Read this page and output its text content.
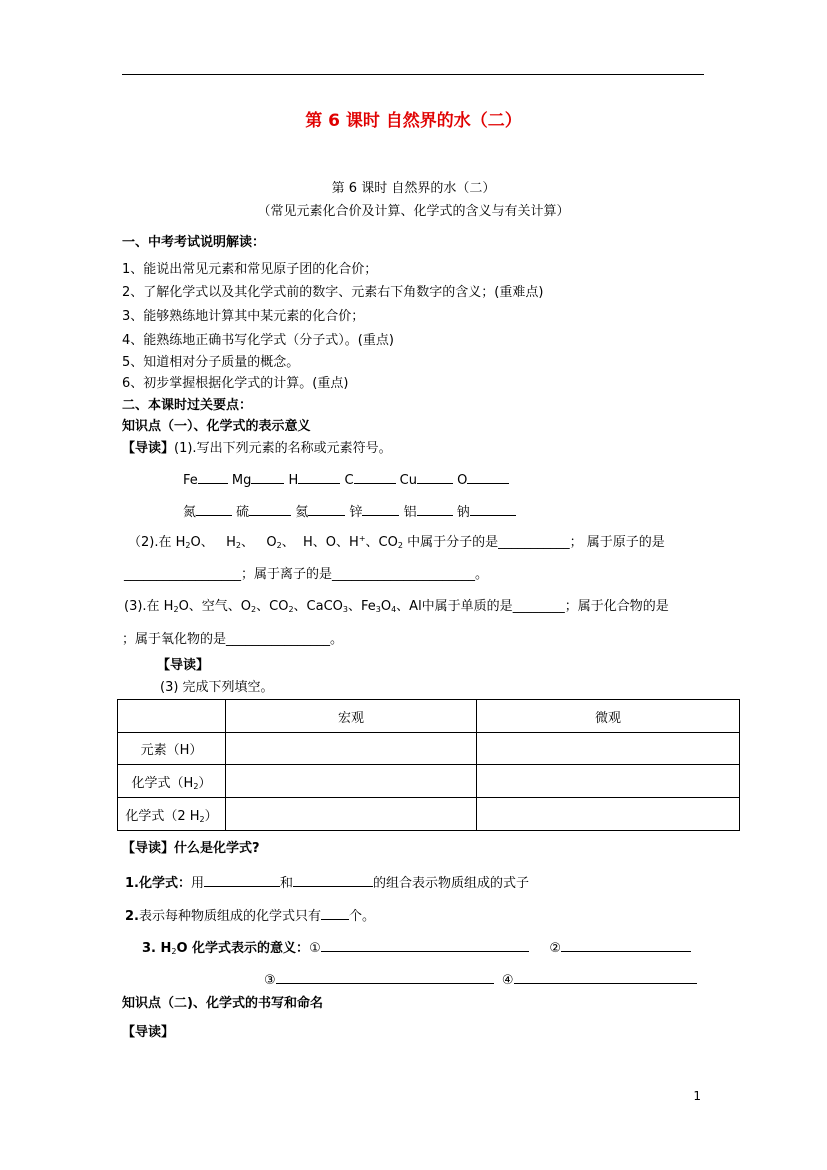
第 6 课时 自然界的水（二）
第 6 课时 自然界的水（二）
（常见元素化合价及计算、化学式的含义与有关计算）
一、中考考试说明解读：
1、能说出常见元素和常见原子团的化合价；
2、了解化学式以及其化学式前的数字、元素右下角数字的含义；(重难点)
3、能够熟练地计算其中某元素的化合价；
4、能熟练地正确书写化学式（分子式）。(重点)
5、知道相对分子质量的概念。
6、初步掌握根据化学式的计算。(重点)
二、本课时过关要点：
知识点（一）、化学式的表示意义
【导读】(1).写出下列元素的名称或元素符号。
Fe	Mg	H	C	Cu	O
氮	硫	氦	锌	铝	钠
（2).在 $H_2O$、 $H_2$、 $O_2$、 H、O、H+、$CO_2$ 中属于分子的是___________； 属于原子的是
__________________；属于离子的是______________________。
(3).在 $H_2O$、空气、$O_2$、$CO_2$、CaCO$_3$、$Fe_3O_4$、Al中属于单质的是________；属于化合物的是
；属于氧化物的是________________。
【导读】
(3) 完成下列填空。
	宏观	微观
元素（H）		
化学式$(H_2)$		
化学式（2 $H_2$）		
【导读】什么是化学式?
1.化学式：用	和	的组合表示物质组成的式子
2.表示每种物质组成的化学式只有 个。
3. $H_2O$ 化学式表示的意义：①	②
③	④
知识点（二)、化学式的书写和命名
【导读】
1
